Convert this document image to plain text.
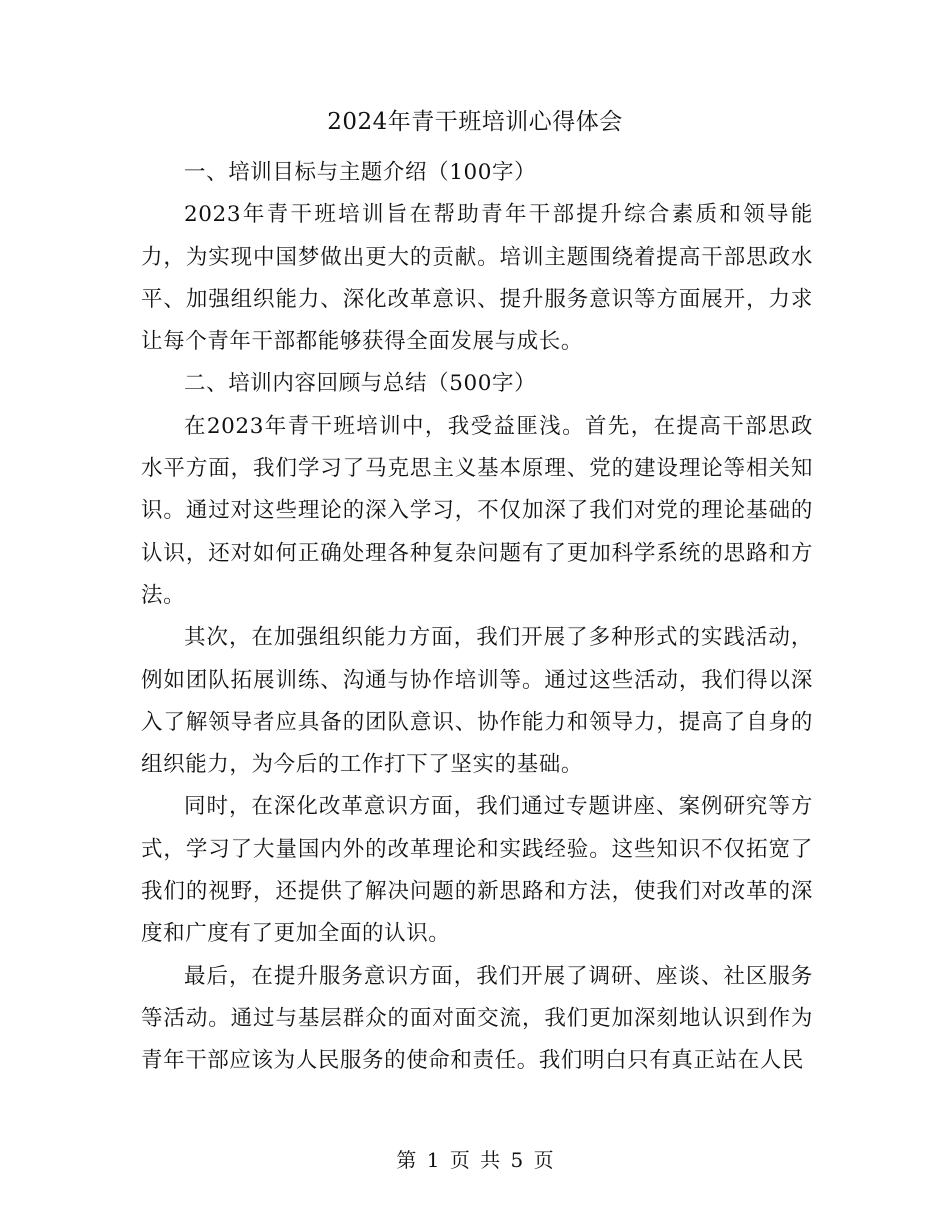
2024年青干班培训心得体会

一、培训目标与主题介绍（100字）

2023年青干班培训旨在帮助青年干部提升综合素质和领导能力，为实现中国梦做出更大的贡献。培训主题围绕着提高干部思政水平、加强组织能力、深化改革意识、提升服务意识等方面展开，力求让每个青年干部都能够获得全面发展与成长。

二、培训内容回顾与总结（500字）

在2023年青干班培训中，我受益匪浅。首先，在提高干部思政水平方面，我们学习了马克思主义基本原理、党的建设理论等相关知识。通过对这些理论的深入学习，不仅加深了我们对党的理论基础的认识，还对如何正确处理各种复杂问题有了更加科学系统的思路和方法。

其次，在加强组织能力方面，我们开展了多种形式的实践活动，例如团队拓展训练、沟通与协作培训等。通过这些活动，我们得以深入了解领导者应具备的团队意识、协作能力和领导力，提高了自身的组织能力，为今后的工作打下了坚实的基础。

同时，在深化改革意识方面，我们通过专题讲座、案例研究等方式，学习了大量国内外的改革理论和实践经验。这些知识不仅拓宽了我们的视野，还提供了解决问题的新思路和方法，使我们对改革的深度和广度有了更加全面的认识。

最后，在提升服务意识方面，我们开展了调研、座谈、社区服务等活动。通过与基层群众的面对面交流，我们更加深刻地认识到作为青年干部应该为人民服务的使命和责任。我们明白只有真正站在人民

第 1 页 共 5 页
